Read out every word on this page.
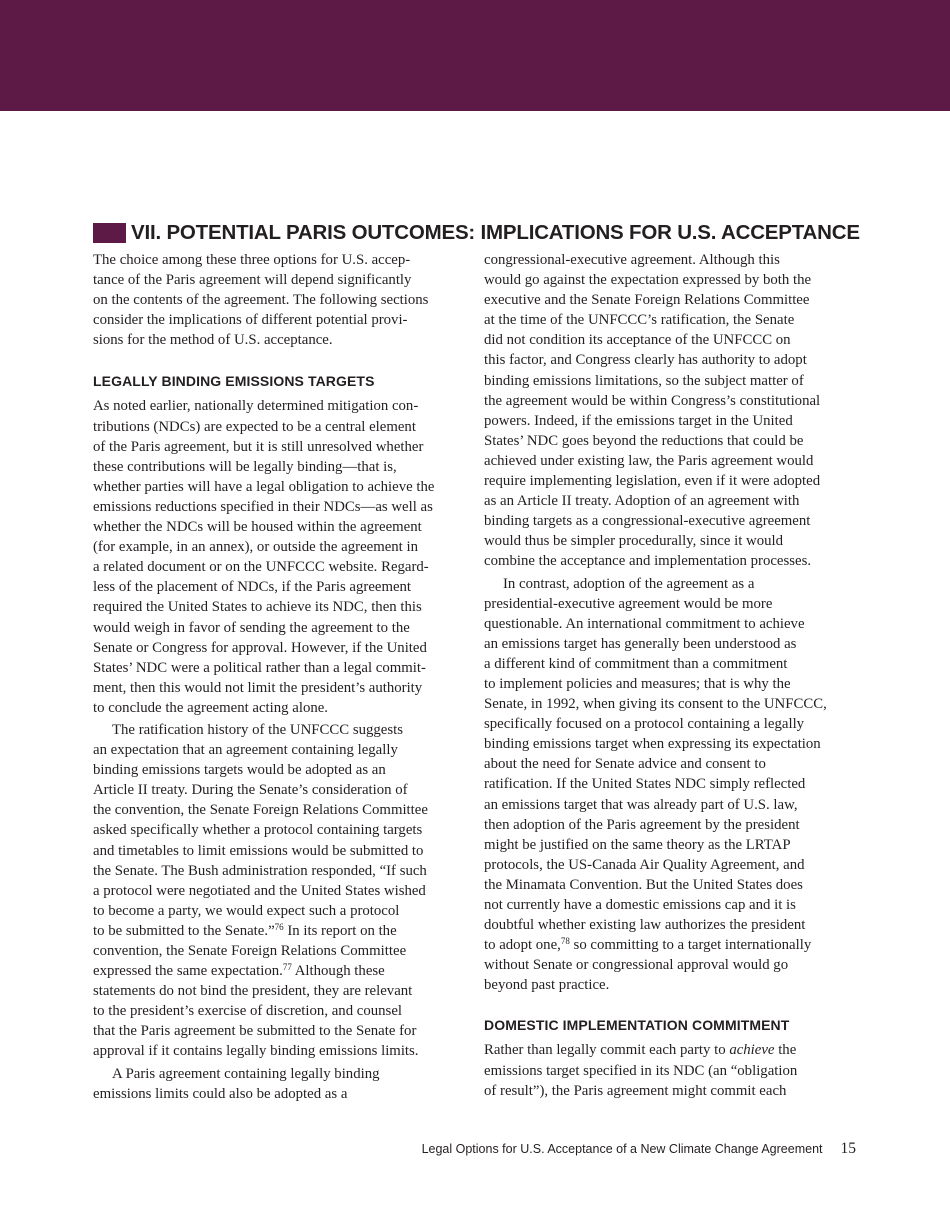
VII. POTENTIAL PARIS OUTCOMES: IMPLICATIONS FOR U.S. ACCEPTANCE
The choice among these three options for U.S. accep-
tance of the Paris agreement will depend significantly
on the contents of the agreement. The following sections
consider the implications of different potential provi-
sions for the method of U.S. acceptance.
LEGALLY BINDING EMISSIONS TARGETS
As noted earlier, nationally determined mitigation con-
tributions (NDCs) are expected to be a central element
of the Paris agreement, but it is still unresolved whether
these contributions will be legally binding—that is,
whether parties will have a legal obligation to achieve the
emissions reductions specified in their NDCs—as well as
whether the NDCs will be housed within the agreement
(for example, in an annex), or outside the agreement in
a related document or on the UNFCCC website. Regard-
less of the placement of NDCs, if the Paris agreement
required the United States to achieve its NDC, then this
would weigh in favor of sending the agreement to the
Senate or Congress for approval. However, if the United
States’ NDC were a political rather than a legal commit-
ment, then this would not limit the president’s authority
to conclude the agreement acting alone.
The ratification history of the UNFCCC suggests
an expectation that an agreement containing legally
binding emissions targets would be adopted as an
Article II treaty. During the Senate’s consideration of
the convention, the Senate Foreign Relations Committee
asked specifically whether a protocol containing targets
and timetables to limit emissions would be submitted to
the Senate. The Bush administration responded, “If such
a protocol were negotiated and the United States wished
to become a party, we would expect such a protocol
to be submitted to the Senate.”$^{76}$ In its report on the
convention, the Senate Foreign Relations Committee
expressed the same expectation.$^{77}$ Although these
statements do not bind the president, they are relevant
to the president’s exercise of discretion, and counsel
that the Paris agreement be submitted to the Senate for
approval if it contains legally binding emissions limits.
A Paris agreement containing legally binding
emissions limits could also be adopted as a
congressional-executive agreement. Although this
would go against the expectation expressed by both the
executive and the Senate Foreign Relations Committee
at the time of the UNFCCC’s ratification, the Senate
did not condition its acceptance of the UNFCCC on
this factor, and Congress clearly has authority to adopt
binding emissions limitations, so the subject matter of
the agreement would be within Congress’s constitutional
powers. Indeed, if the emissions target in the United
States’ NDC goes beyond the reductions that could be
achieved under existing law, the Paris agreement would
require implementing legislation, even if it were adopted
as an Article II treaty. Adoption of an agreement with
binding targets as a congressional-executive agreement
would thus be simpler procedurally, since it would
combine the acceptance and implementation processes.
In contrast, adoption of the agreement as a
presidential-executive agreement would be more
questionable. An international commitment to achieve
an emissions target has generally been understood as
a different kind of commitment than a commitment
to implement policies and measures; that is why the
Senate, in 1992, when giving its consent to the UNFCCC,
specifically focused on a protocol containing a legally
binding emissions target when expressing its expectation
about the need for Senate advice and consent to
ratification. If the United States NDC simply reflected
an emissions target that was already part of U.S. law,
then adoption of the Paris agreement by the president
might be justified on the same theory as the LRTAP
protocols, the US-Canada Air Quality Agreement, and
the Minamata Convention. But the United States does
not currently have a domestic emissions cap and it is
doubtful whether existing law authorizes the president
to adopt one,$^{78}$ so committing to a target internationally
without Senate or congressional approval would go
beyond past practice.
DOMESTIC IMPLEMENTATION COMMITMENT
Rather than legally commit each party to achieve the
emissions target specified in its NDC (an “obligation
of result”), the Paris agreement might commit each
Legal Options for U.S. Acceptance of a New Climate Change Agreement 15
